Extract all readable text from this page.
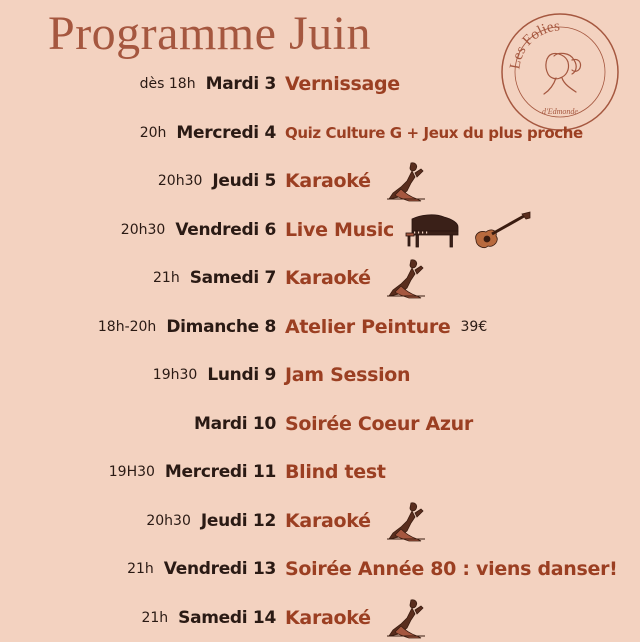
Programme Juin
Les Folies
d'Edmonde
dès 18h Mardi 3 Vernissage
20h Mercredi 4 Quiz Culture G + Jeux du plus proche
20h30 Jeudi 5 Karaoké
20h30 Vendredi 6 Live Music
21h Samedi 7 Karaoké
18h-20h Dimanche 8 Atelier Peinture 39€
19h30 Lundi 9 Jam Session
Mardi 10 Soirée Coeur Azur
19H30 Mercredi 11 Blind test
20h30 Jeudi 12 Karaoké
21h Vendredi 13 Soirée Année 80 : viens danser!
21h Samedi 14 Karaoké
